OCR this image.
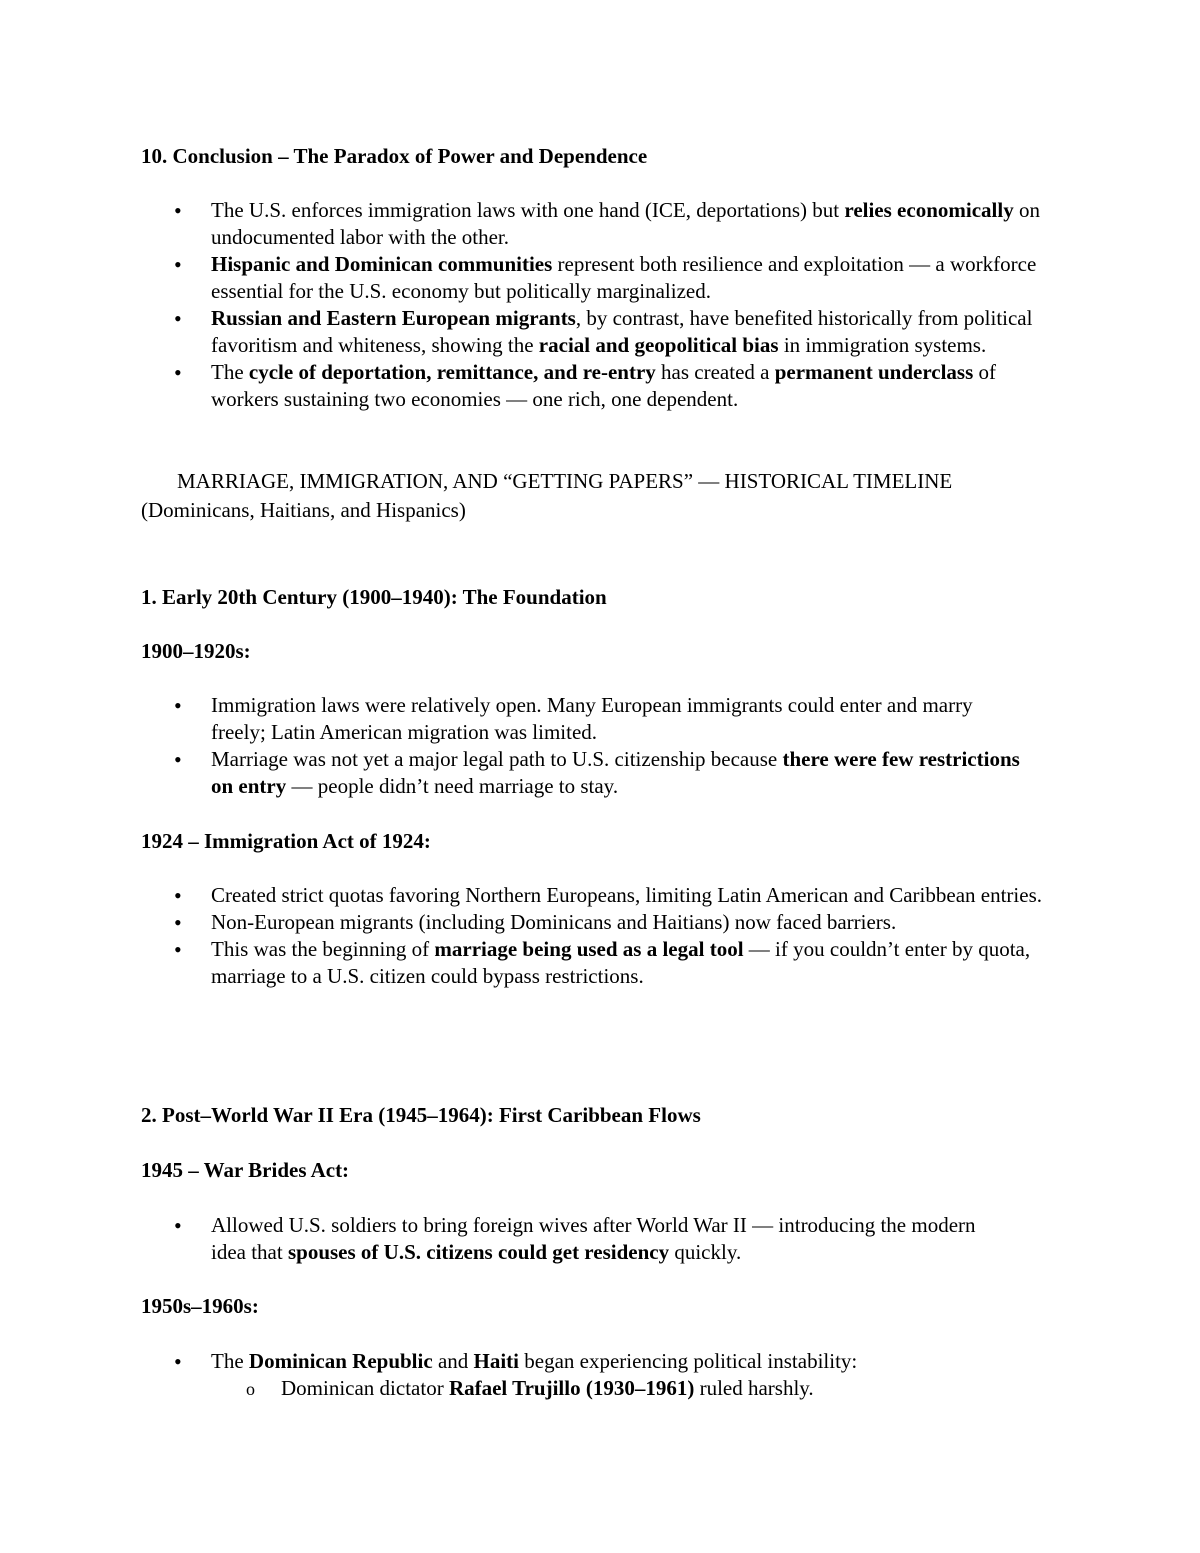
10. Conclusion – The Paradox of Power and Dependence
• The U.S. enforces immigration laws with one hand (ICE, deportations) but relies economically on undocumented labor with the other.
• Hispanic and Dominican communities represent both resilience and exploitation — a workforce essential for the U.S. economy but politically marginalized.
• Russian and Eastern European migrants, by contrast, have benefited historically from political favoritism and whiteness, showing the racial and geopolitical bias in immigration systems.
• The cycle of deportation, remittance, and re-entry has created a permanent underclass of workers sustaining two economies — one rich, one dependent.
MARRIAGE, IMMIGRATION, AND “GETTING PAPERS” — HISTORICAL TIMELINE
(Dominicans, Haitians, and Hispanics)
1. Early 20th Century (1900–1940): The Foundation
1900–1920s:
• Immigration laws were relatively open. Many European immigrants could enter and marry freely; Latin American migration was limited.
• Marriage was not yet a major legal path to U.S. citizenship because there were few restrictions on entry — people didn’t need marriage to stay.
1924 – Immigration Act of 1924:
• Created strict quotas favoring Northern Europeans, limiting Latin American and Caribbean entries.
• Non-European migrants (including Dominicans and Haitians) now faced barriers.
• This was the beginning of marriage being used as a legal tool — if you couldn’t enter by quota, marriage to a U.S. citizen could bypass restrictions.
2. Post–World War II Era (1945–1964): First Caribbean Flows
1945 – War Brides Act:
• Allowed U.S. soldiers to bring foreign wives after World War II — introducing the modern idea that spouses of U.S. citizens could get residency quickly.
1950s–1960s:
• The Dominican Republic and Haiti began experiencing political instability:
o Dominican dictator Rafael Trujillo (1930–1961) ruled harshly.
